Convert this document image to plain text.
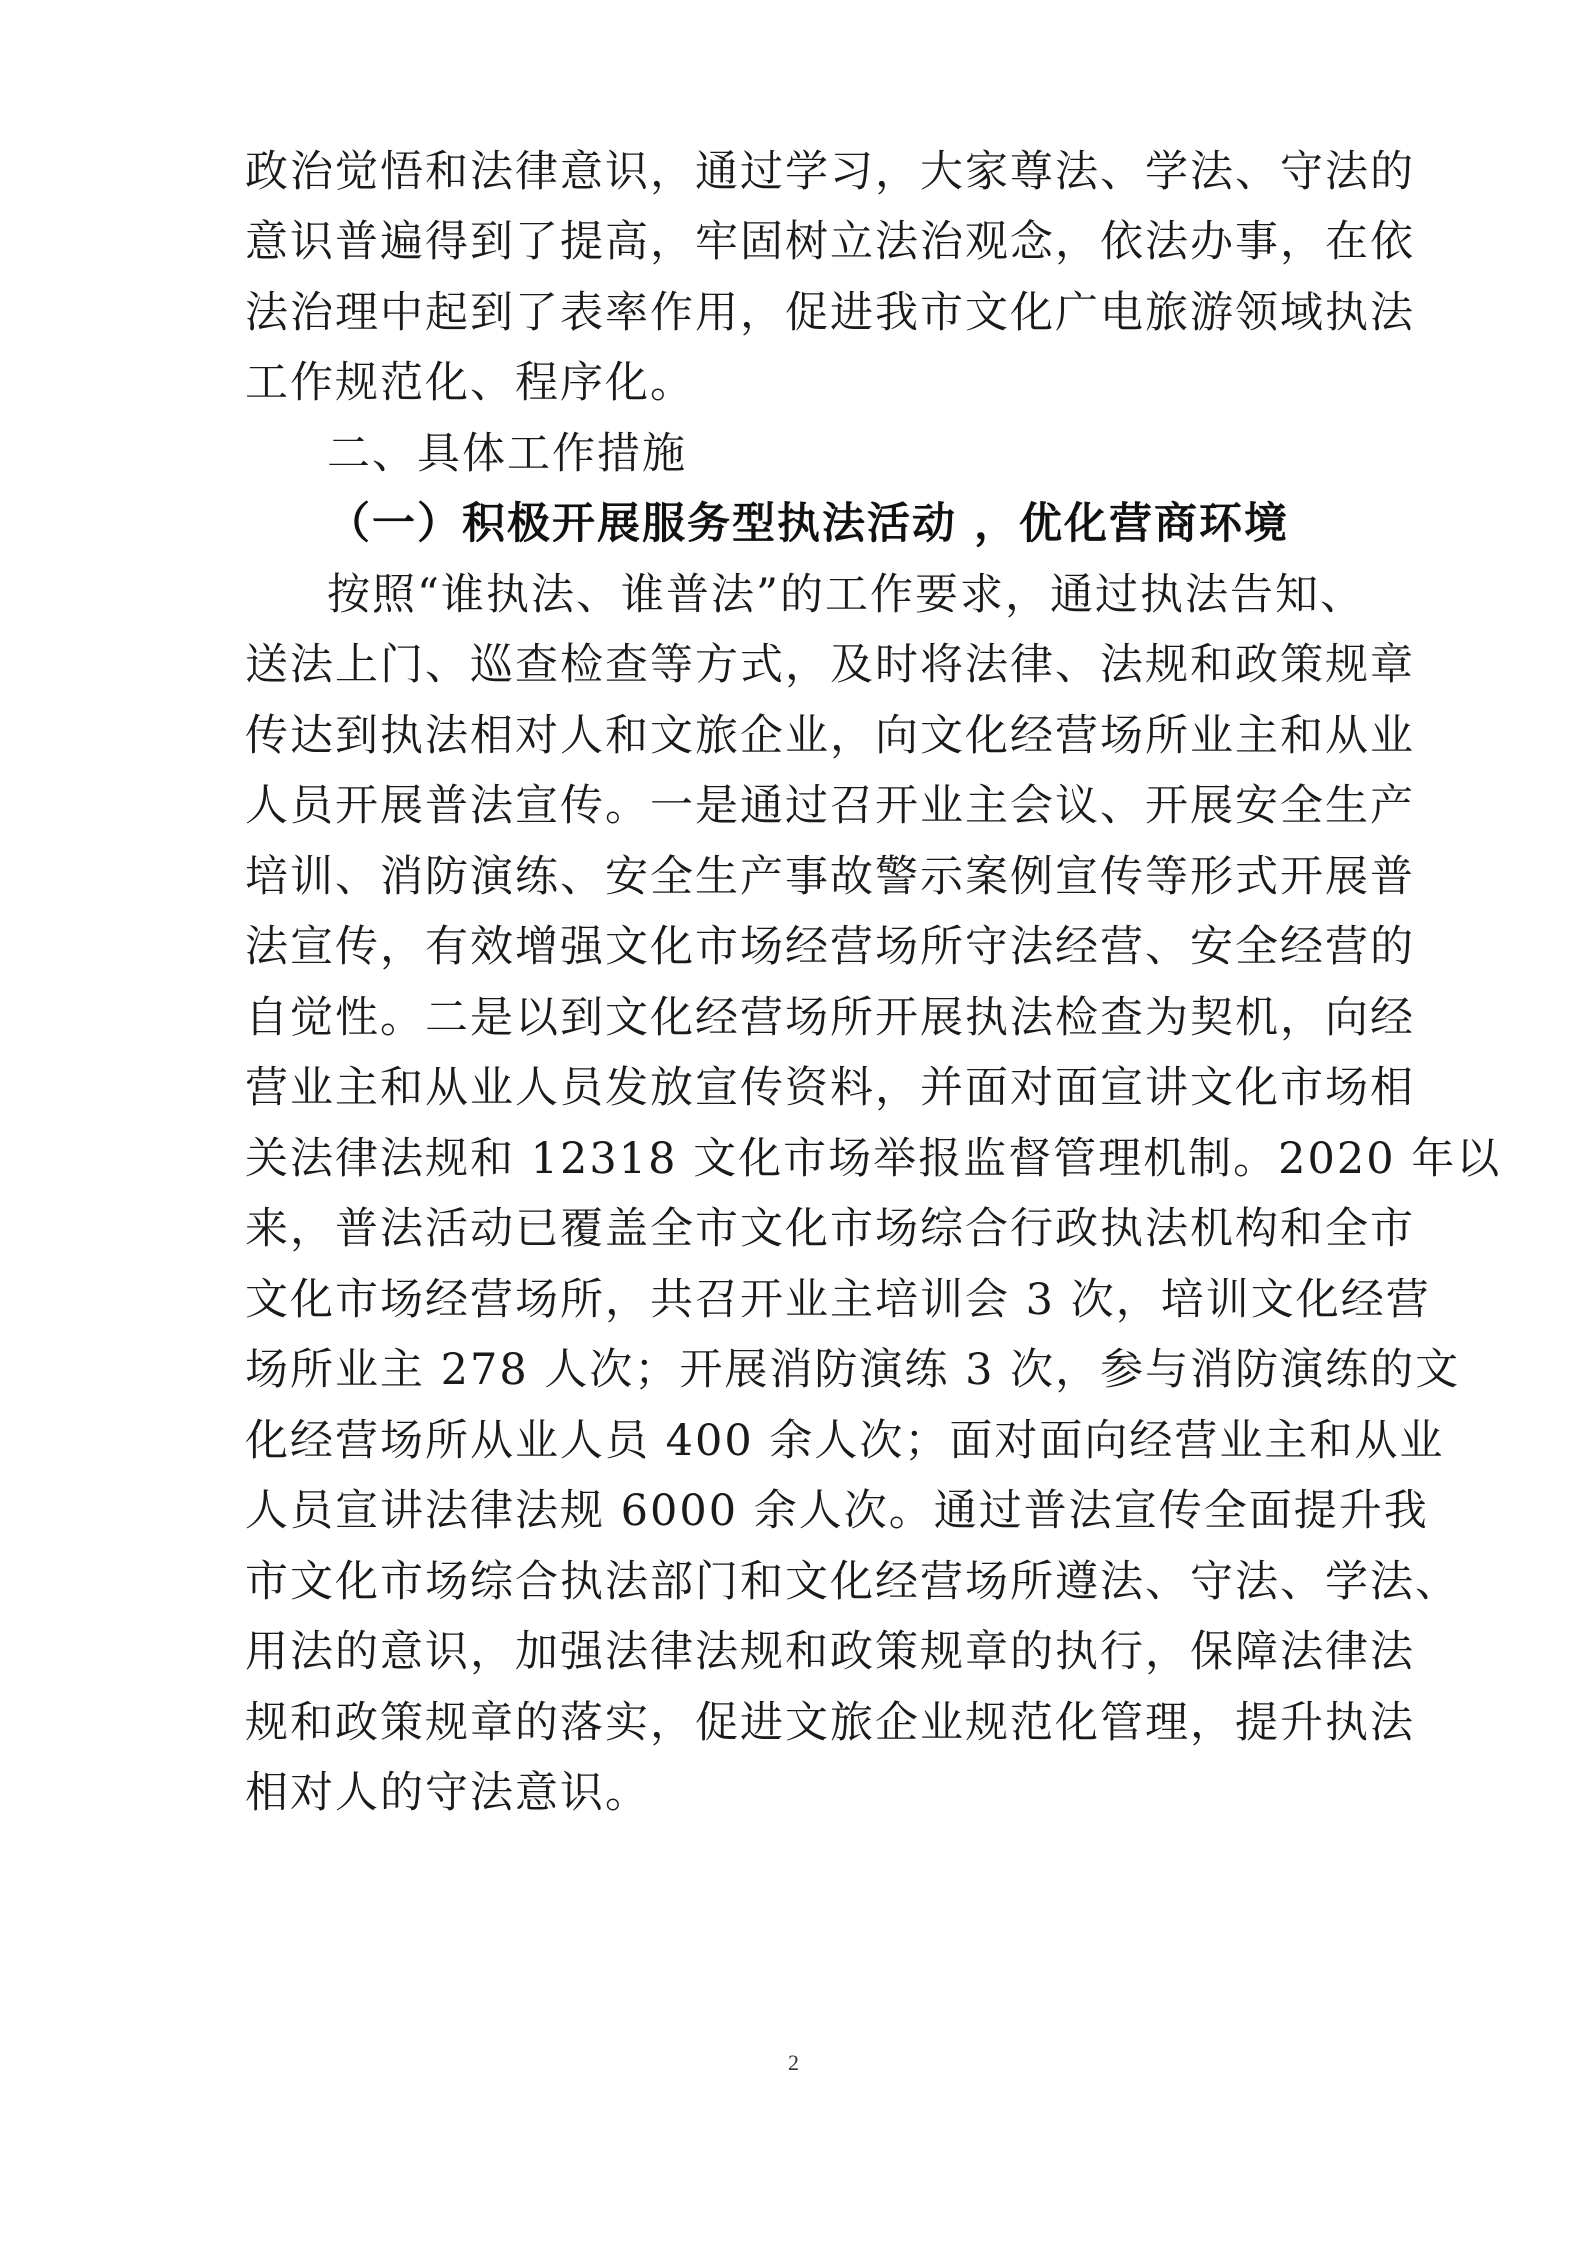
政治觉悟和法律意识，通过学习，大家尊法、学法、守法的
意识普遍得到了提高，牢固树立法治观念，依法办事，在依
法治理中起到了表率作用，促进我市文化广电旅游领域执法
工作规范化、程序化。
二、具体工作措施
（一）积极开展服务型执法活动 ，优化营商环境
按照“谁执法、谁普法”的工作要求，通过执法告知、
送法上门、巡查检查等方式，及时将法律、法规和政策规章
传达到执法相对人和文旅企业，向文化经营场所业主和从业
人员开展普法宣传。一是通过召开业主会议、开展安全生产
培训、消防演练、安全生产事故警示案例宣传等形式开展普
法宣传，有效增强文化市场经营场所守法经营、安全经营的
自觉性。二是以到文化经营场所开展执法检查为契机，向经
营业主和从业人员发放宣传资料，并面对面宣讲文化市场相
关法律法规和 12318 文化市场举报监督管理机制。2020 年以
来，普法活动已覆盖全市文化市场综合行政执法机构和全市
文化市场经营场所，共召开业主培训会 3 次，培训文化经营
场所业主 278 人次；开展消防演练 3 次，参与消防演练的文
化经营场所从业人员 400 余人次；面对面向经营业主和从业
人员宣讲法律法规 6000 余人次。通过普法宣传全面提升我
市文化市场综合执法部门和文化经营场所遵法、守法、学法、
用法的意识，加强法律法规和政策规章的执行，保障法律法
规和政策规章的落实，促进文旅企业规范化管理，提升执法
相对人的守法意识。
2
